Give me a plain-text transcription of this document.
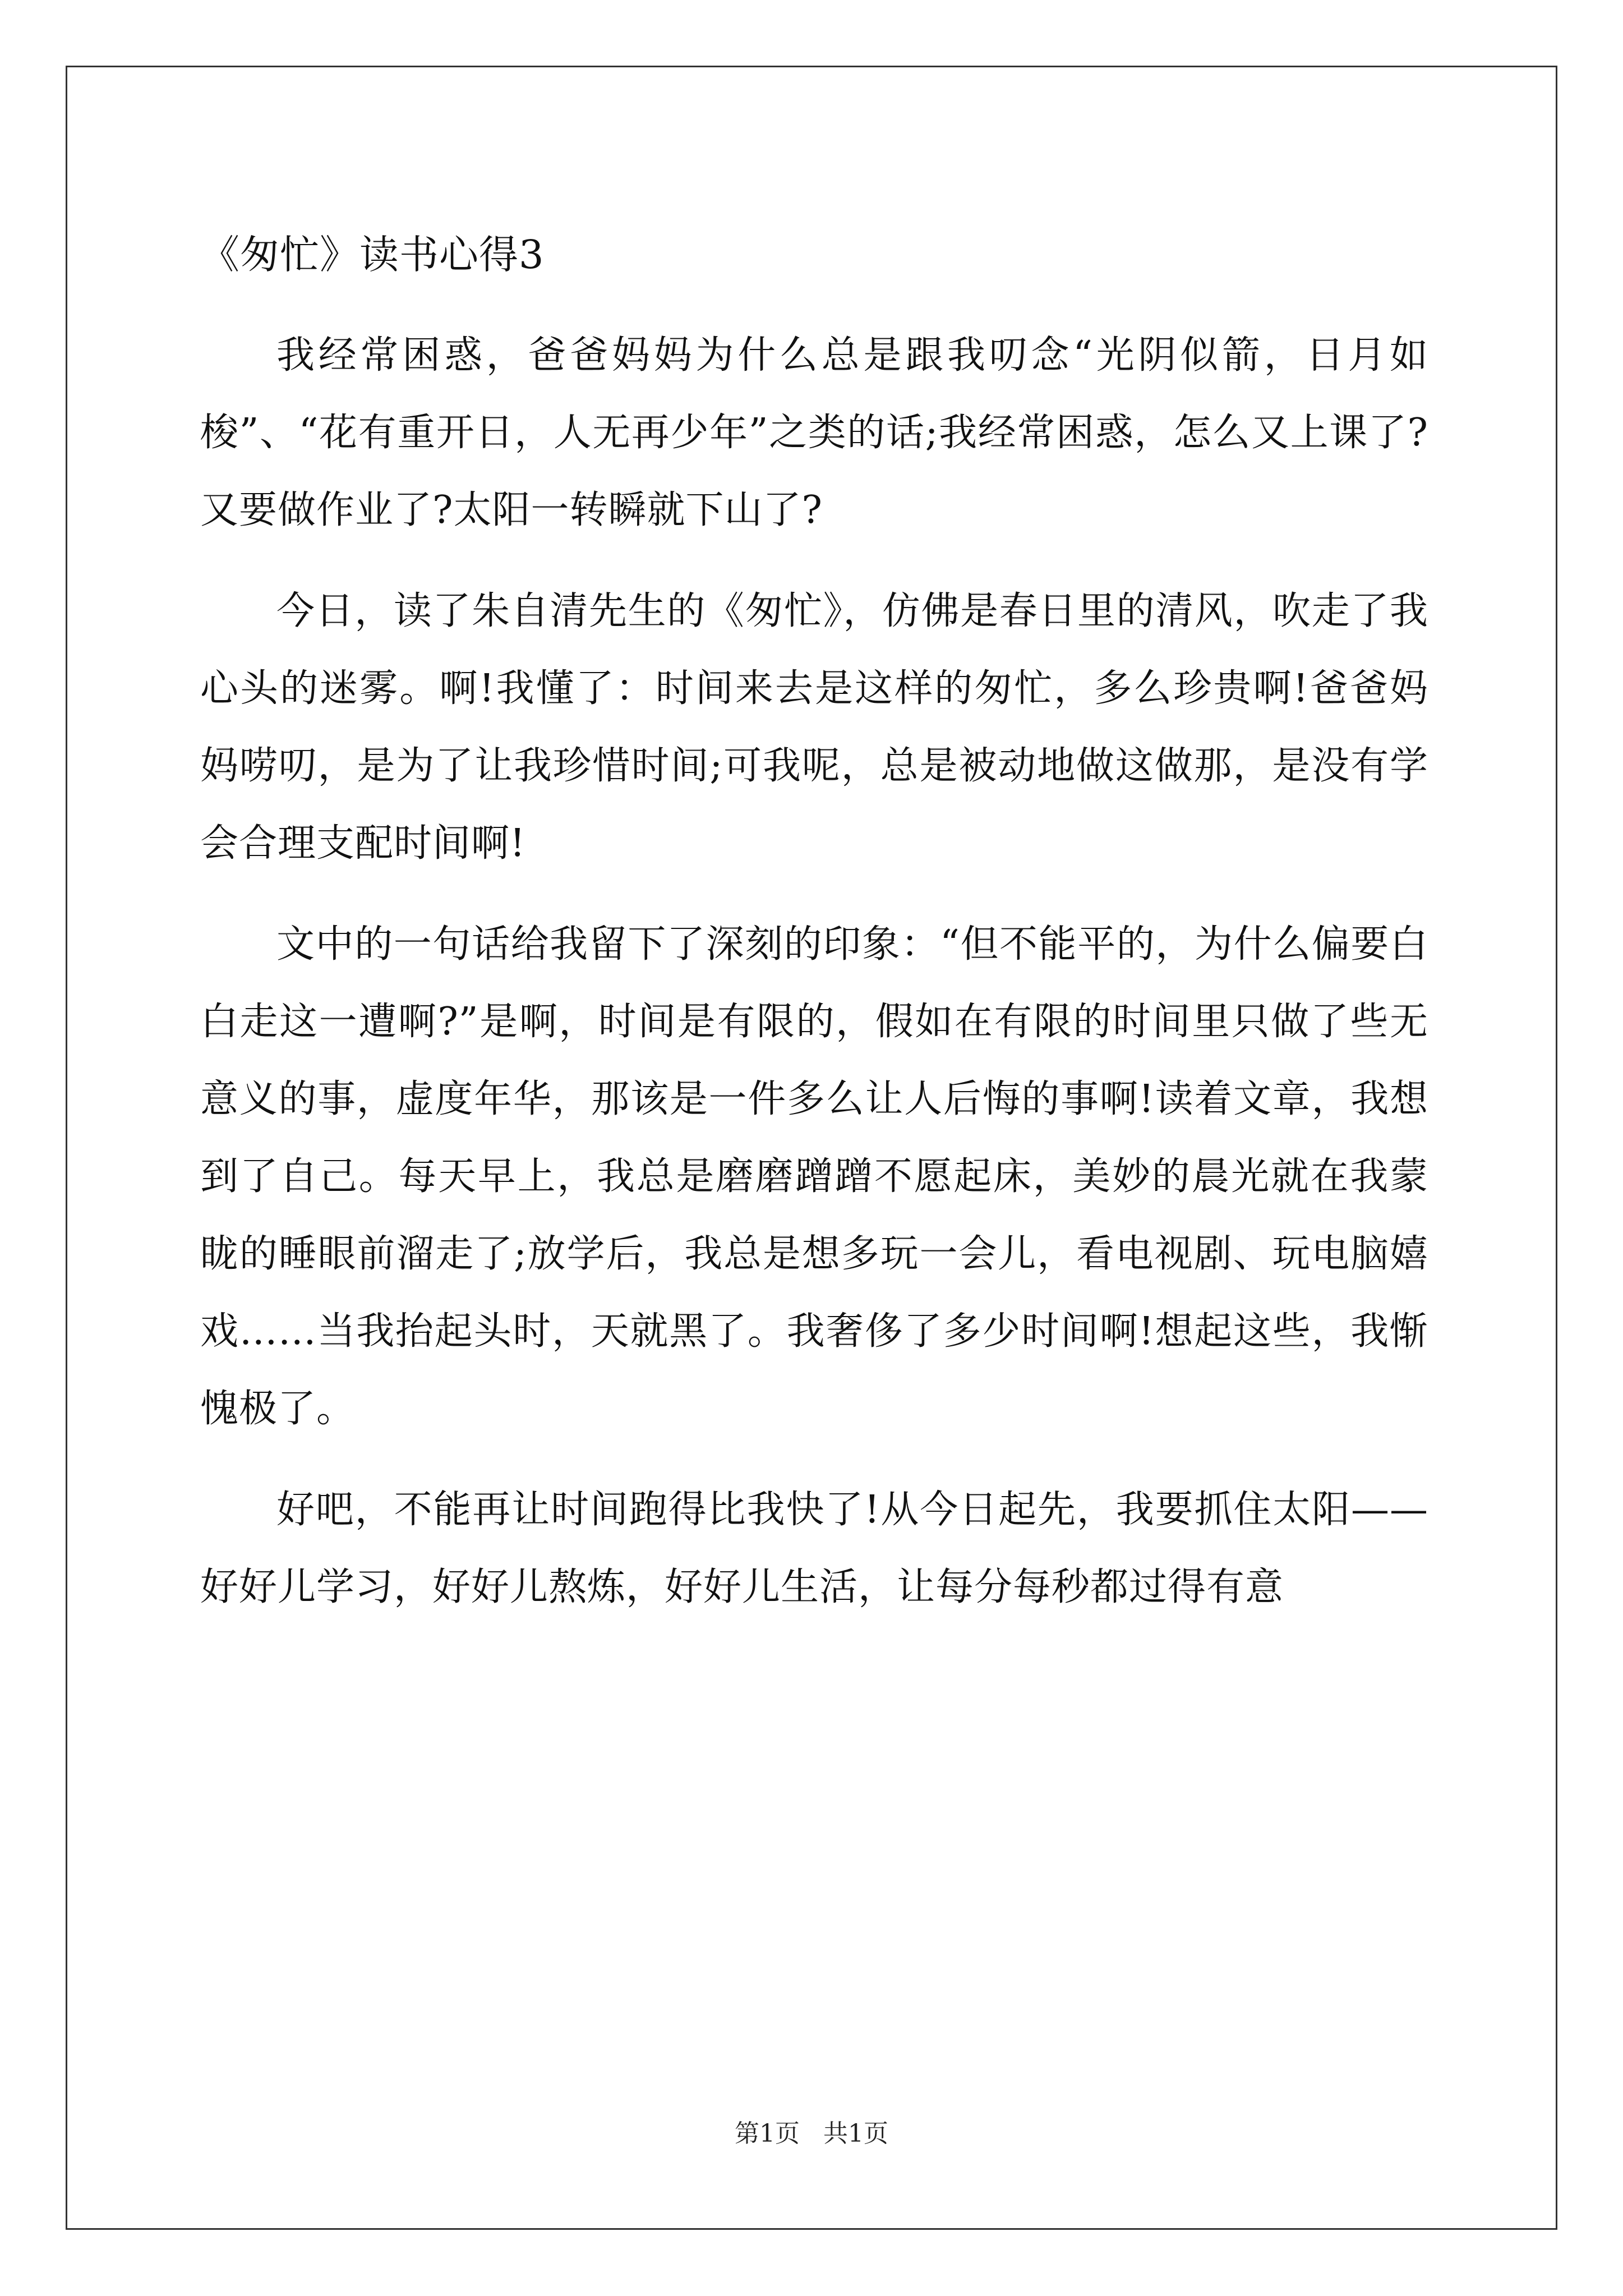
《匆忙》读书心得3

我经常困惑，爸爸妈妈为什么总是跟我叨念“光阴似箭，日月如梭”、“花有重开日，人无再少年”之类的话;我经常困惑，怎么又上课了?又要做作业了?太阳一转瞬就下山了?

今日，读了朱自清先生的《匆忙》，仿佛是春日里的清风，吹走了我心头的迷雾。啊!我懂了：时间来去是这样的匆忙，多么珍贵啊!爸爸妈妈唠叨，是为了让我珍惜时间;可我呢，总是被动地做这做那，是没有学会合理支配时间啊!

文中的一句话给我留下了深刻的印象：“但不能平的，为什么偏要白白走这一遭啊?”是啊，时间是有限的，假如在有限的时间里只做了些无意义的事，虚度年华，那该是一件多么让人后悔的事啊!读着文章，我想到了自己。每天早上，我总是磨磨蹭蹭不愿起床，美妙的晨光就在我蒙眬的睡眼前溜走了;放学后，我总是想多玩一会儿，看电视剧、玩电脑嬉戏……当我抬起头时，天就黑了。我奢侈了多少时间啊!想起这些，我惭愧极了。

好吧，不能再让时间跑得比我快了!从今日起先，我要抓住太阳——好好儿学习，好好儿熬炼，好好儿生活，让每分每秒都过得有意

第1页 共1页
